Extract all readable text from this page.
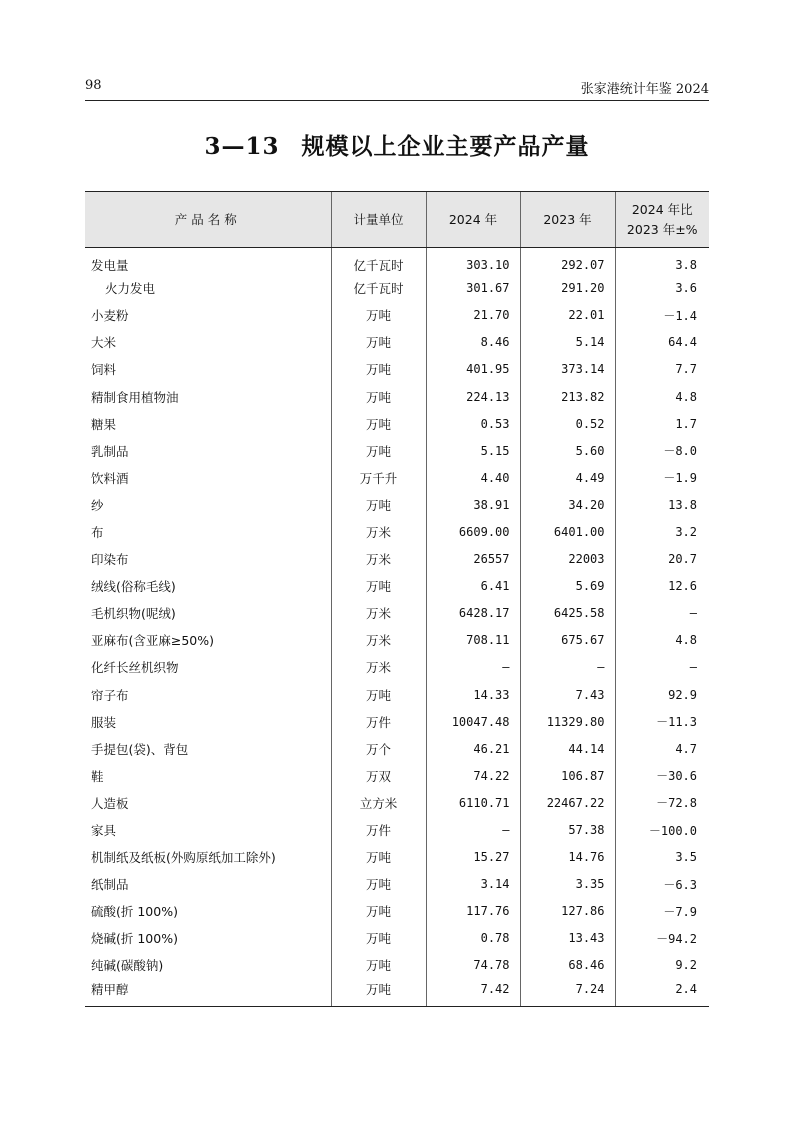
98	张家港统计年鉴 2024
3—13 规模以上企业主要产品产量
产品名称	计量单位	2024 年	2023 年	2024 年比
2023 年±%

发电量	亿千瓦时	303.10	292.07	3.8
火力发电	亿千瓦时	301.67	291.20	3.6
小麦粉	万吨	21.70	22.01	－1.4
大米	万吨	8.46	5.14	64.4
饲料	万吨	401.95	373.14	7.7
精制食用植物油	万吨	224.13	213.82	4.8
糖果	万吨	0.53	0.52	1.7
乳制品	万吨	5.15	5.60	－8.0
饮料酒	万千升	4.40	4.49	－1.9
纱	万吨	38.91	34.20	13.8
布	万米	6609.00	6401.00	3.2
印染布	万米	26557	22003	20.7
绒线(俗称毛线)	万吨	6.41	5.69	12.6
毛机织物(呢绒)	万米	6428.17	6425.58	—
亚麻布(含亚麻≥50%)	万米	708.11	675.67	4.8
化纤长丝机织物	万米	—	—	—
帘子布	万吨	14.33	7.43	92.9
服装	万件	10047.48	11329.80	－11.3
手提包(袋)、背包	万个	46.21	44.14	4.7
鞋	万双	74.22	106.87	－30.6
人造板	立方米	6110.71	22467.22	－72.8
家具	万件	—	57.38	－100.0
机制纸及纸板(外购原纸加工除外)	万吨	15.27	14.76	3.5
纸制品	万吨	3.14	3.35	－6.3
硫酸(折 100%)	万吨	117.76	127.86	－7.9
烧碱(折 100%)	万吨	0.78	13.43	－94.2
纯碱(碳酸钠)	万吨	74.78	68.46	9.2
精甲醇	万吨	7.42	7.24	2.4
